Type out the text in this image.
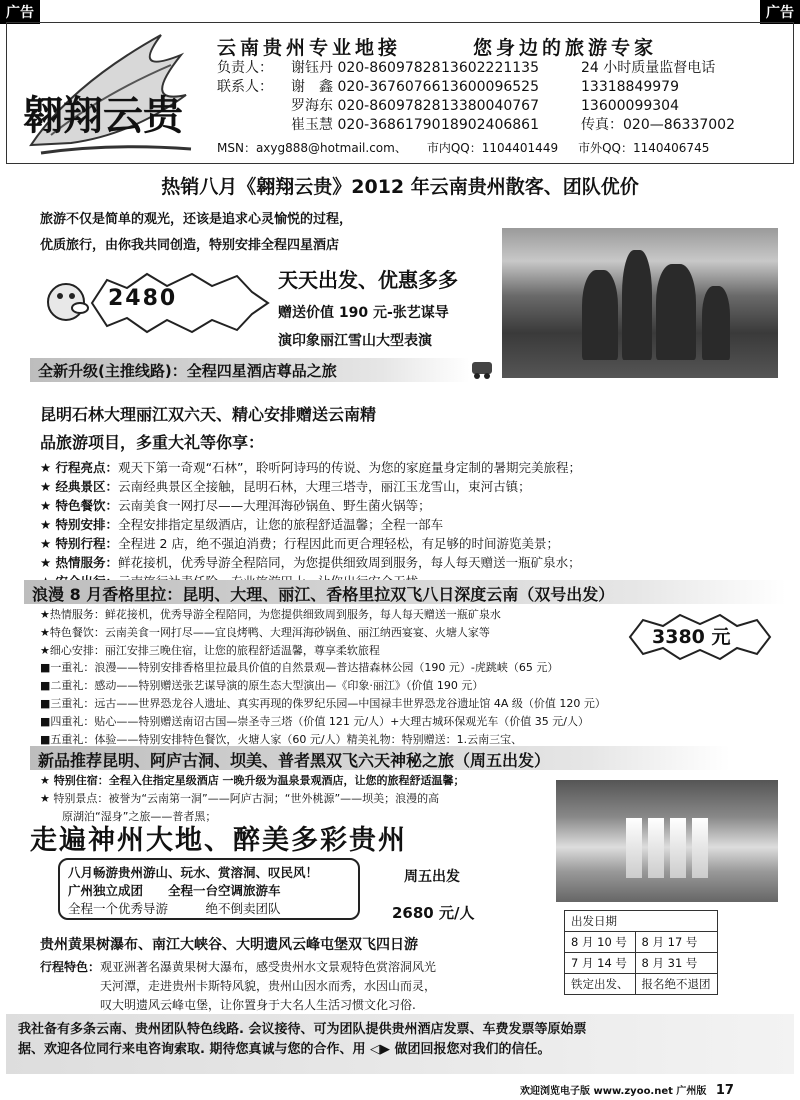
广告	广告
翱翔云贵
云南贵州专业地接	您身边的旅游专家
负责人：	谢钰丹 020-86097828 13602221135	24 小时质量监督电话
联系人：	谢　鑫 020-36760766 13600096525	13318849979
罗海东 020-86097828 13380040767	13600099304
崔玉慧 020-36861790 18902406861	传真：020—86337002
MSN：axyg888@hotmail.com、 市内QQ：1104401449 市外QQ：1140406745
热销八月《翱翔云贵》2012 年云南贵州散客、团队优价
旅游不仅是简单的观光，还该是追求心灵愉悦的过程，
优质旅行，由你我共同创造，特别安排全程四星酒店
2480
天天出发、优惠多多
赠送价值 190 元-张艺谋导
演印象丽江雪山大型表演
全新升级(主推线路)：全程四星酒店尊品之旅
昆明石林大理丽江双六天、精心安排赠送云南精
品旅游项目，多重大礼等你享：
★ 行程亮点：观天下第一奇观“石林”，聆听阿诗玛的传说、为您的家庭量身定制的暑期完美旅程；
★ 经典景区：云南经典景区全接触，昆明石林，大理三塔寺，丽江玉龙雪山，束河古镇；
★ 特色餐饮：云南美食一网打尽——大理洱海砂锅鱼、野生菌火锅等；
★ 特别安排：全程安排指定星级酒店，让您的旅程舒适温馨；全程一部车
★ 特别行程：全程进 2 店，绝不强迫消费；行程因此而更合理轻松，有足够的时间游览美景；
★ 热情服务：鲜花接机，优秀导游全程陪同，为您提供细致周到服务，每人每天赠送一瓶矿泉水；
浪漫 8 月香格里拉：昆明、大理、丽江、香格里拉双飞八日深度云南（双号出发）
★热情服务：鲜花接机，优秀导游全程陪同，为您提供细致周到服务，每人每天赠送一瓶矿泉水
★特色餐饮：云南美食一网打尽——宜良烤鸭、大理洱海砂锅鱼、丽江纳西宴宴、火塘人家等
★细心安排：丽江安排三晚住宿，让您的旅程舒适温馨，尊享柔软旅程
■一重礼：浪漫——特别安排香格里拉最具价值的自然景观—普达措森林公园（190 元）-虎跳峡（65 元）
■二重礼：感动——特别赠送张艺谋导演的原生态大型演出—《印象·丽江》（价值 190 元）
■三重礼：远古——世界恐龙谷人遗址、真实再现的侏罗纪乐园—中国禄丰世界恐龙谷遗址馆 4A 级（价值 120 元）
■四重礼：贴心——特别赠送南诏古国—崇圣寺三塔（价值 121 元/人）+大理古城环保观光车（价值 35 元/人）
■五重礼：体验——特别安排特色餐饮，火塘人家（60 元/人）精美礼物：特别赠送：1.云南三宝、
3380 元
新品推荐昆明、阿庐古洞、坝美、普者黑双飞六天神秘之旅（周五出发）
★ 特别住宿：全程入住指定星级酒店 一晚升级为温泉景观酒店，让您的旅程舒适温馨；
★ 特别景点：被誉为“云南第一洞”——阿庐古洞；“世外桃源”——坝美；浪漫的高
　　原湖泊“湿身”之旅——普者黑；
走遍神州大地、醉美多彩贵州
八月畅游贵州游山、玩水、赏溶洞、叹民风！
广州独立成团　　全程一台空调旅游车
全程一个优秀导游　　　绝不倒卖团队
周五出发
2680 元/人	出发日期	
8 月 10 号	8 月 17 号
7 月 14 号	8 月 31 号
铁定出发、	报名绝不退团
贵州黄果树瀑布、南江大峡谷、大明遗风云峰屯堡双飞四日游
行程特色：观亚洲著名瀑黄果树大瀑布，感受贵州水文景观特色赏溶洞风光
天河潭，走进贵州卡斯特风貌，贵州山因水而秀，水因山而灵，
叹大明遗风云峰屯堡，让你置身于大名人生活习惯文化习俗.
我社备有多条云南、贵州团队特色线路. 会议接待、可为团队提供贵州酒店发票、车费发票等原始票
据、欢迎各位同行来电咨询索取. 期待您真诚与您的合作、用 ◁▶ 做团回报您对我们的信任。
欢迎浏览电子版 www.zyoo.net 广州版 17
